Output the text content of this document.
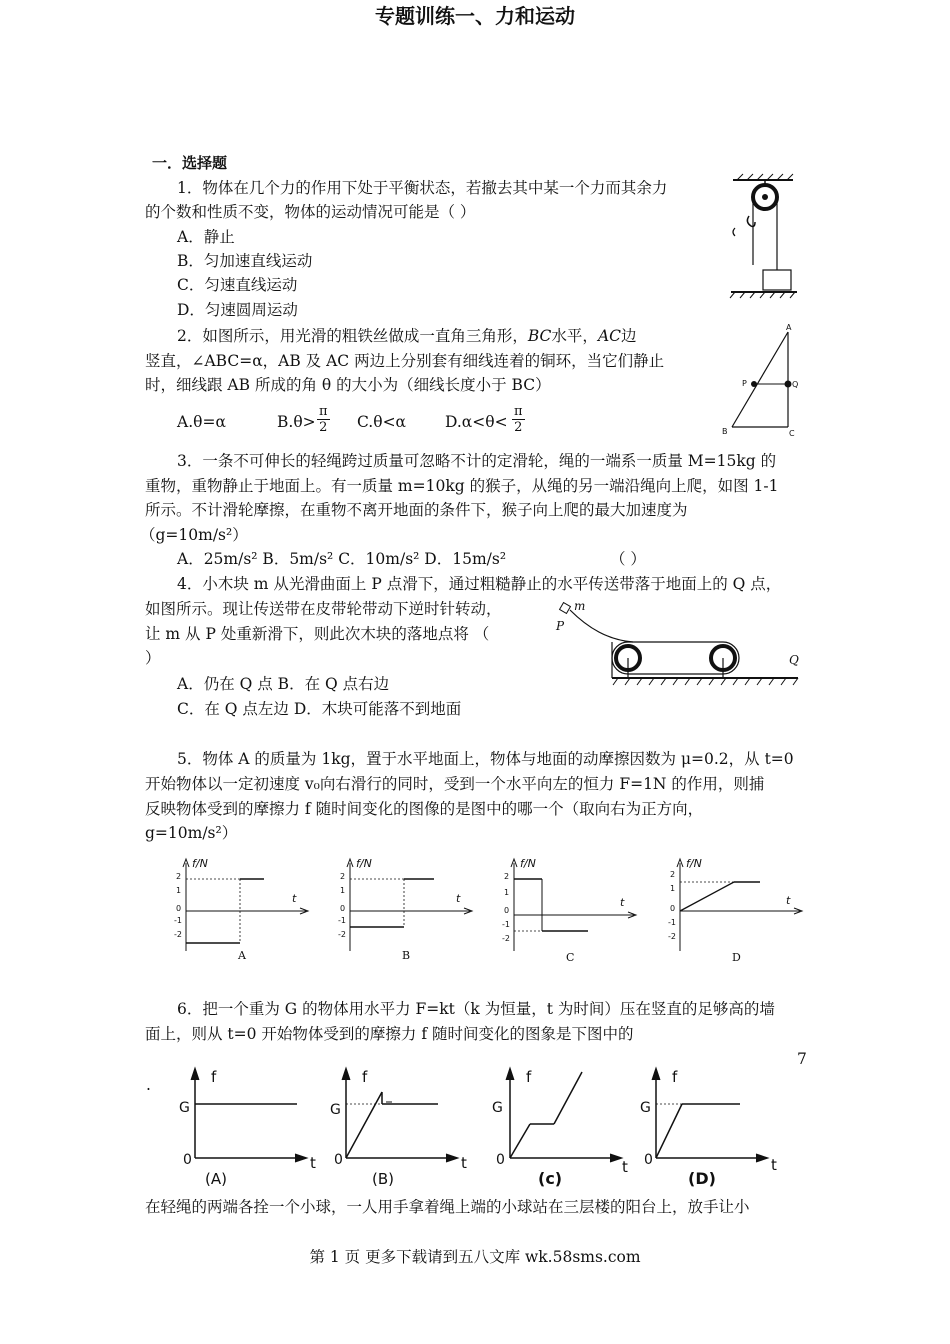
专题训练一、力和运动
一．选择题
1．物体在几个力的作用下处于平衡状态，若撤去其中某一个力而其余力
的个数和性质不变，物体的运动情况可能是（ ）
A．静止
B．匀加速直线运动
C．匀速直线运动
D．匀速圆周运动
2．如图所示，用光滑的粗铁丝做成一直角三角形，BC水平，AC边
竖直，∠ABC=α，AB 及 AC 两边上分别套有细线连着的铜环，当它们静止
时，细线跟 AB 所成的角 θ 的大小为（细线长度小于 BC）
A.θ=α	$B.\theta> \frac{\pi}{2} C.\theta<\alpha$	$D.\alpha<\theta< \frac{\pi}{2}$
A
B	C
P	Q
3．一条不可伸长的轻绳跨过质量可忽略不计的定滑轮，绳的一端系一质量 M=15kg 的
重物，重物静止于地面上。有一质量 m=10kg 的猴子，从绳的另一端沿绳向上爬，如图 1-1
所示。不计滑轮摩擦，在重物不离开地面的条件下，猴子向上爬的最大加速度为
（g=10m/s²）
A．25m/s² B．5m/s² C．10m/s² D．15m/s²	（ ）
4．小木块 m 从光滑曲面上 P 点滑下，通过粗糙静止的水平传送带落于地面上的 Q 点，
如图所示。现让传送带在皮带轮带动下逆时针转动，
让 m 从 P 处重新滑下，则此次木块的落地点将 （
）
A．仍在 Q 点 B．在 Q 点右边
C．在 Q 点左边 D．木块可能落不到地面
m
P
Q
5．物体 A 的质量为 1kg，置于水平地面上，物体与地面的动摩擦因数为 μ=0.2，从 t=0
开始物体以一定初速度 v₀向右滑行的同时，受到一个水平向左的恒力 F=1N 的作用，则捕
反映物体受到的摩擦力 f 随时间变化的图像的是图中的哪一个（取向右为正方向，
g=10m/s²）
f/N
t
2
1
0
-1
-2
A
f/N
t
2
1
0
-1
-2
B
f/N
t
2
1
0
-1
-2
C
f/N
t
2
1
0
-1
-2
D
6．把一个重为 G 的物体用水平力 F=kt（k 为恒量，t 为时间）压在竖直的足够高的墙
面上，则从 t=0 开始物体受到的摩擦力 f 随时间变化的图象是下图中的
7
.	f
G
0
(A)
t
f
G
0
(B)
t
f
G
0
(c)
t
f
G
0
(D)
t
在轻绳的两端各拴一个小球，一人用手拿着绳上端的小球站在三层楼的阳台上，放手让小
第 1 页 更多下载请到五八文库 wk.58sms.com
